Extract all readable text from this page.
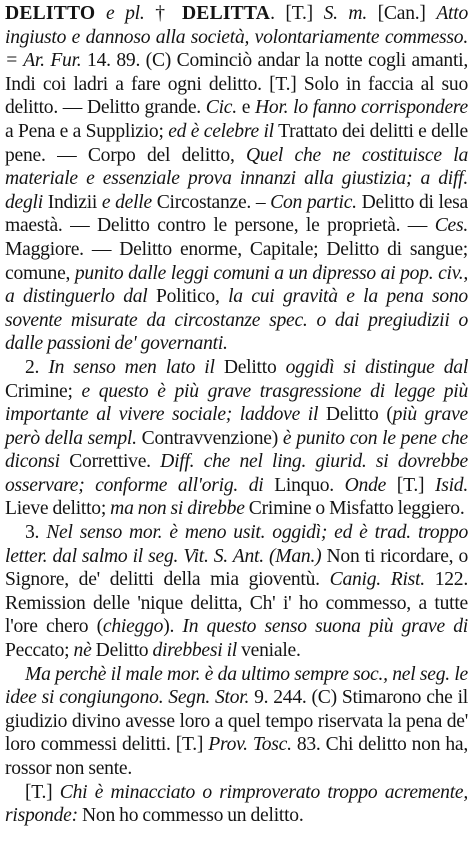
DELITTO e pl. † DELITTA. [T.] S. m. [Can.] Atto ingiusto e dannoso alla società, volontariamente commesso. = Ar. Fur. 14. 89. (C) Cominciò andar la notte cogli amanti, Indi coi ladri a fare ogni delitto. [T.] Solo in faccia al suo delitto. — Delitto grande. Cic. e Hor. lo fanno corrispondere a Pena e a Supplizio; ed è celebre il Trattato dei delitti e delle pene. — Corpo del delitto, Quel che ne costituisce la materiale e essenziale prova innanzi alla giustizia; a diff. degli Indizii e delle Circostanze. – Con partic. Delitto di lesa maestà. — Delitto contro le persone, le proprietà. — Ces. Maggiore. — Delitto enorme, Capitale; Delitto di sangue; comune, punito dalle leggi comuni a un dipresso ai pop. civ., a distinguerlo dal Politico, la cui gravità e la pena sono sovente misurate da circostanze spec. o dai pregiudizii o dalle passioni de' governanti.

2. In senso men lato il Delitto oggidì si distingue dal Crimine; e questo è più grave trasgressione di legge più importante al vivere sociale; laddove il Delitto (più grave però della sempl. Contravvenzione) è punito con le pene che diconsi Correttive. Diff. che nel ling. giurid. si dovrebbe osservare; conforme all'orig. di Linquo. Onde [T.] Isid. Lieve delitto; ma non si direbbe Crimine o Misfatto leggiero.

3. Nel senso mor. è meno usit. oggidì; ed è trad. troppo letter. dal salmo il seg. Vit. S. Ant. (Man.) Non ti ricordare, o Signore, de' delitti della mia gioventù. Canig. Rist. 122. Remission delle 'nique delitta, Ch' i' ho commesso, a tutte l'ore chero (chieggo). In questo senso suona più grave di Peccato; nè Delitto direbbesi il veniale.

Ma perchè il male mor. è da ultimo sempre soc., nel seg. le idee si congiungono. Segn. Stor. 9. 244. (C) Stimarono che il giudizio divino avesse loro a quel tempo riservata la pena de' loro commessi delitti. [T.] Prov. Tosc. 83. Chi delitto non ha, rossor non sente.

[T.] Chi è minacciato o rimproverato troppo acremente, risponde: Non ho commesso un delitto.
